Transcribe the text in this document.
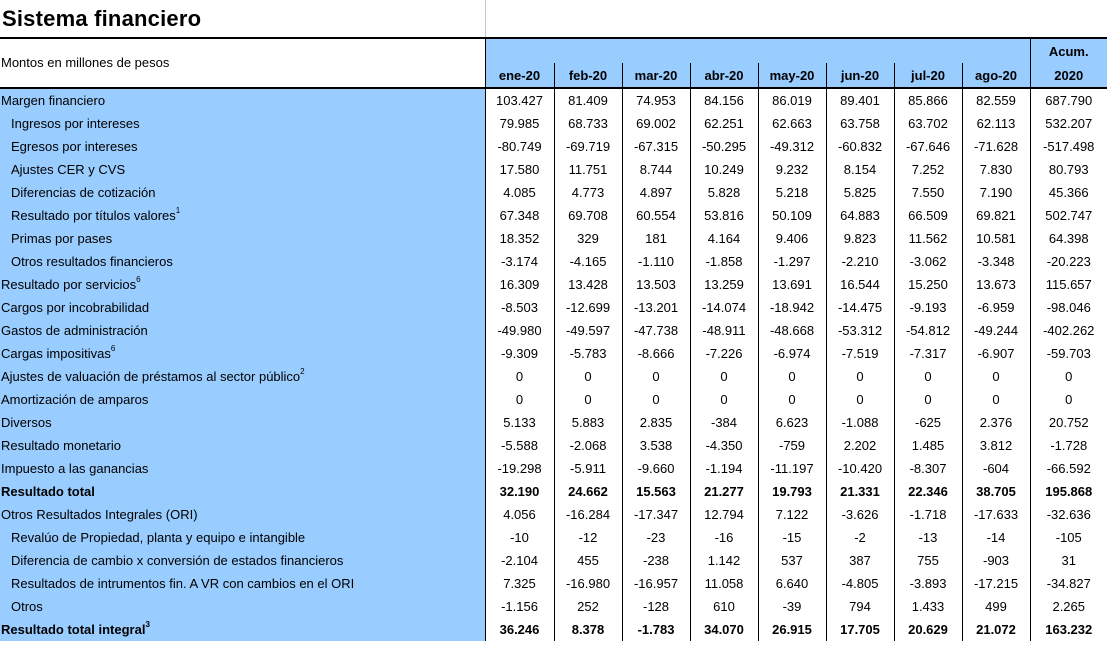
Sistema financiero
Montos en millones de pesos									Acum.
	ene-20	feb-20	mar-20	abr-20	may-20	jun-20	jul-20	ago-20	2020
Margen financiero	103.427	81.409	74.953	84.156	86.019	89.401	85.866	82.559	687.790
Ingresos por intereses	79.985	68.733	69.002	62.251	62.663	63.758	63.702	62.113	532.207
Egresos por intereses	-80.749	-69.719	-67.315	-50.295	-49.312	-60.832	-67.646	-71.628	-517.498
Ajustes CER y CVS	17.580	11.751	8.744	10.249	9.232	8.154	7.252	7.830	80.793
Diferencias de cotización	4.085	4.773	4.897	5.828	5.218	5.825	7.550	7.190	45.366
Resultado por títulos valores$^1$	67.348	69.708	60.554	53.816	50.109	64.883	66.509	69.821	502.747
Primas por pases	18.352	329	181	4.164	9.406	9.823	11.562	10.581	64.398
Otros resultados financieros	-3.174	-4.165	-1.110	-1.858	-1.297	-2.210	-3.062	-3.348	-20.223
Resultado por servicios$^6$	16.309	13.428	13.503	13.259	13.691	16.544	15.250	13.673	115.657
Cargos por incobrabilidad	-8.503	-12.699	-13.201	-14.074	-18.942	-14.475	-9.193	-6.959	-98.046
Gastos de administración	-49.980	-49.597	-47.738	-48.911	-48.668	-53.312	-54.812	-49.244	-402.262
Cargas impositivas$^6$	-9.309	-5.783	-8.666	-7.226	-6.974	-7.519	-7.317	-6.907	-59.703
Ajustes de valuación de préstamos al sector público$^2$	0	0	0	0	0	0	0	0	0
Amortización de amparos	0	0	0	0	0	0	0	0	0
Diversos	5.133	5.883	2.835	-384	6.623	-1.088	-625	2.376	20.752
Resultado monetario	-5.588	-2.068	3.538	-4.350	-759	2.202	1.485	3.812	-1.728
Impuesto a las ganancias	-19.298	-5.911	-9.660	-1.194	-11.197	-10.420	-8.307	-604	-66.592
Resultado total	32.190	24.662	15.563	21.277	19.793	21.331	22.346	38.705	195.868
Otros Resultados Integrales (ORI)	4.056	-16.284	-17.347	12.794	7.122	-3.626	-1.718	-17.633	-32.636
Revalúo de Propiedad, planta y equipo e intangible	-10	-12	-23	-16	-15	-2	-13	-14	-105
Diferencia de cambio x conversión de estados financieros	-2.104	455	-238	1.142	537	387	755	-903	31
Resultados de intrumentos fin. A VR con cambios en el ORI	7.325	-16.980	-16.957	11.058	6.640	-4.805	-3.893	-17.215	-34.827
Otros	-1.156	252	-128	610	-39	794	1.433	499	2.265
Resultado total integral$^3$	36.246	8.378	-1.783	34.070	26.915	17.705	20.629	21.072	163.232
